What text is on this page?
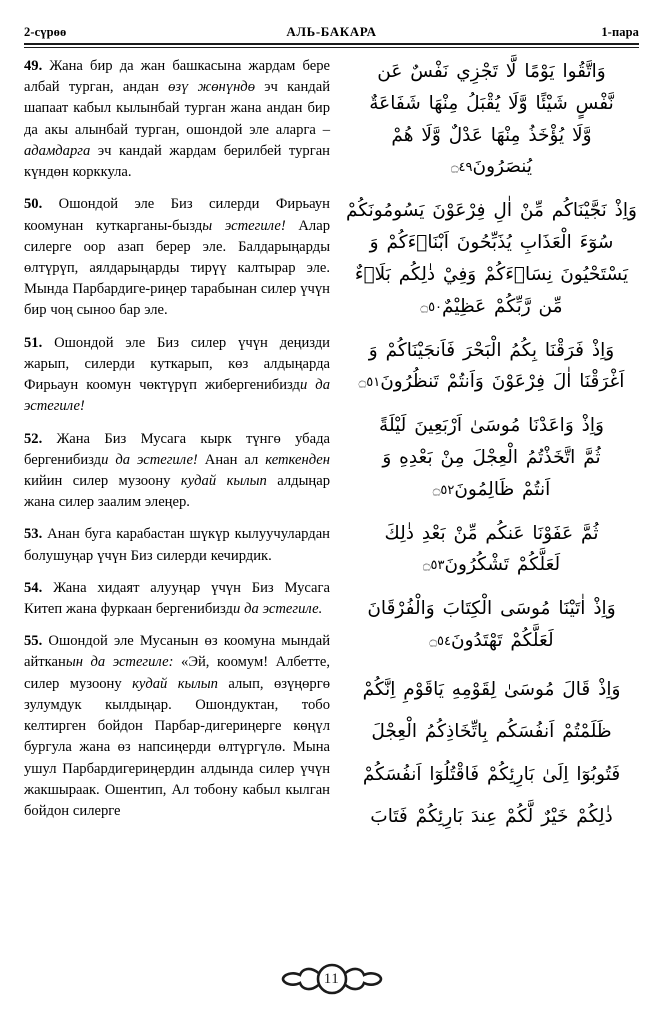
2-сүрөө	АЛЬ-БАКАРА	1-пара

49. Жана бир да жан башкасына жардам бере албай турган, андан өзү жөнүндө эч кандай шапаат кабыл кылынбай турган жана андан бир да акы алынбай турган, ошондой эле аларга – адамдарга эч кандай жардам берилбей турган күндөн корккула.

50. Ошондой эле Биз силерди Фирьаун коомунан куткарганы-бызды эстегиле! Алар силерге оор азап берер эле. Балдарыңарды өлтүрүп, аялдарыңарды тирүү калтырар эле. Мында Парбардиге-риңер тарабынан силер үчүн бир чоң сыноо бар эле.

51. Ошондой эле Биз силер үчүн деңизди жарып, силерди куткарып, көз алдыңарда Фирьаун коомун чөктүрүп жибергенибизди да эстегиле!

52. Жана Биз Мусага кырк түнгө убада бергенибизди да эстегиле! Анан ал кеткенден кийин силер музоону кудай кылып алдыңар жана силер заалим элеңер.

53. Анан буга карабастан шүкүр кылуучулардан болушуңар үчүн Биз силерди кечирдик.

54. Жана хидаят алууңар үчүн Биз Мусага Китеп жана фуркаан бергенибизди да эстегиле.

55. Ошондой эле Мусанын өз коомуна мындай айтканын да эстегиле: «Эй, коомум! Албетте, силер музоону кудай кылып алып, өзүңөргө зулумдук кылдыңар. Ошондуктан, тобо келтирген бойдон Парбар-дигериңерге көңүл бургула жана өз напсиңерди өлтүргүлө. Мына ушул Парбардигериңердин алдында силер үчүн жакшыраак. Ошентип, Ал тобону кабыл кылган бойдон силерге

وَاتَّقُوا يَوْمًا لَّا تَجْزِي نَفْسٌ عَن
نَّفْسٍ شَيْئًا وَّلَا يُقْبَلُ مِنْهَا شَفَاعَةٌ
وَّلَا يُؤْخَذُ مِنْهَا عَدْلٌ وَّلَا هُمْ
يُنصَرُونَ۝٤٩
وَاِذْ نَجَّيْنَاكُم مِّنْ اٰلِ فِرْعَوْنَ يَسُومُونَكُمْ
سُوٓءَ الْعَذَابِ يُذَبِّحُونَ اَبْنَاۤءَكُمْ وَ
يَسْتَحْيُونَ نِسَاۤءَكُمْ وَفِيْ ذٰلِكُم بَلَاۤءٌ
مِّن رَّبِّكُمْ عَظِيْمٌ۝٥٠
وَاِذْ فَرَقْنَا بِكُمُ الْبَحْرَ فَاَنجَيْنَاكُمْ وَ
اَغْرَقْنَا اٰلَ فِرْعَوْنَ وَاَنتُمْ تَنظُرُونَ۝٥١
وَاِذْ وَاعَدْنَا مُوسَىٰ اَرْبَعِينَ لَيْلَةً
ثُمَّ اتَّخَذْتُمُ الْعِجْلَ مِنْ بَعْدِهِ وَ
اَنتُمْ ظَالِمُونَ۝٥٢
ثُمَّ عَفَوْنَا عَنكُم مِّنْ بَعْدِ ذٰلِكَ
لَعَلَّكُمْ تَشْكُرُونَ۝٥٣
وَاِذْ اٰتَيْنَا مُوسَى الْكِتَابَ وَالْفُرْقَانَ
لَعَلَّكُمْ تَهْتَدُونَ۝٥٤
وَاِذْ قَالَ مُوسَىٰ لِقَوْمِهِ يَاقَوْمِ اِنَّكُمْ
ظَلَمْتُمْ اَنفُسَكُم بِاتِّخَاذِكُمُ الْعِجْلَ
فَتُوبُوٓا اِلَىٰ بَارِئِكُمْ فَاقْتُلُوٓا اَنفُسَكُمْ
ذٰلِكُمْ خَيْرٌ لَّكُمْ عِندَ بَارِئِكُمْ فَتَابَ
11
